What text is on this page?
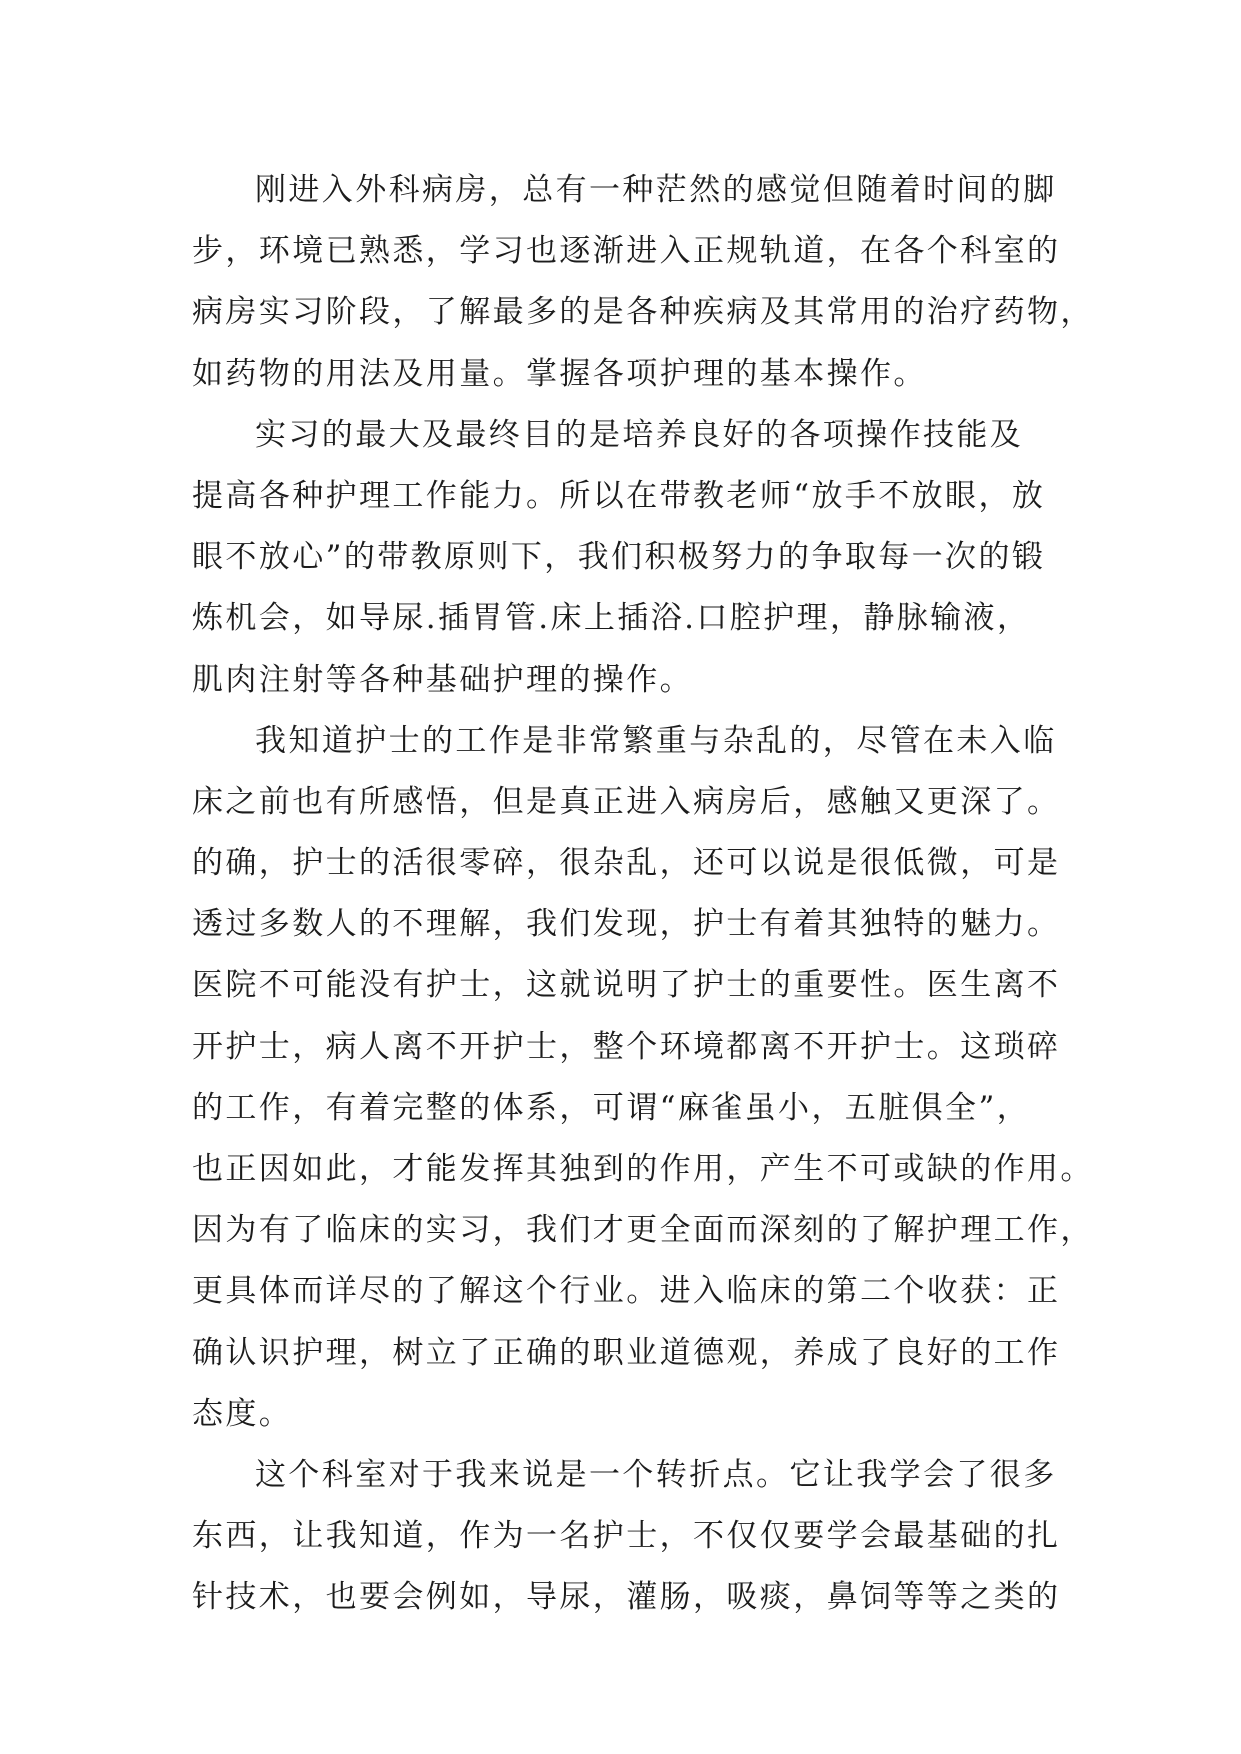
刚进入外科病房，总有一种茫然的感觉但随着时间的脚
步，环境已熟悉，学习也逐渐进入正规轨道，在各个科室的
病房实习阶段，了解最多的是各种疾病及其常用的治疗药物，
如药物的用法及用量。掌握各项护理的基本操作。
实习的最大及最终目的是培养良好的各项操作技能及
提高各种护理工作能力。所以在带教老师“放手不放眼，放
眼不放心”的带教原则下，我们积极努力的争取每一次的锻
炼机会，如导尿.插胃管.床上插浴.口腔护理，静脉输液，
肌肉注射等各种基础护理的操作。
我知道护士的工作是非常繁重与杂乱的，尽管在未入临
床之前也有所感悟，但是真正进入病房后，感触又更深了。
的确，护士的活很零碎，很杂乱，还可以说是很低微，可是
透过多数人的不理解，我们发现，护士有着其独特的魅力。
医院不可能没有护士，这就说明了护士的重要性。医生离不
开护士，病人离不开护士，整个环境都离不开护士。这琐碎
的工作，有着完整的体系，可谓“麻雀虽小，五脏俱全”，
也正因如此，才能发挥其独到的作用，产生不可或缺的作用。
因为有了临床的实习，我们才更全面而深刻的了解护理工作，
更具体而详尽的了解这个行业。进入临床的第二个收获：正
确认识护理，树立了正确的职业道德观，养成了良好的工作
态度。
这个科室对于我来说是一个转折点。它让我学会了很多
东西，让我知道，作为一名护士，不仅仅要学会最基础的扎
针技术，也要会例如，导尿，灌肠，吸痰，鼻饲等等之类的
